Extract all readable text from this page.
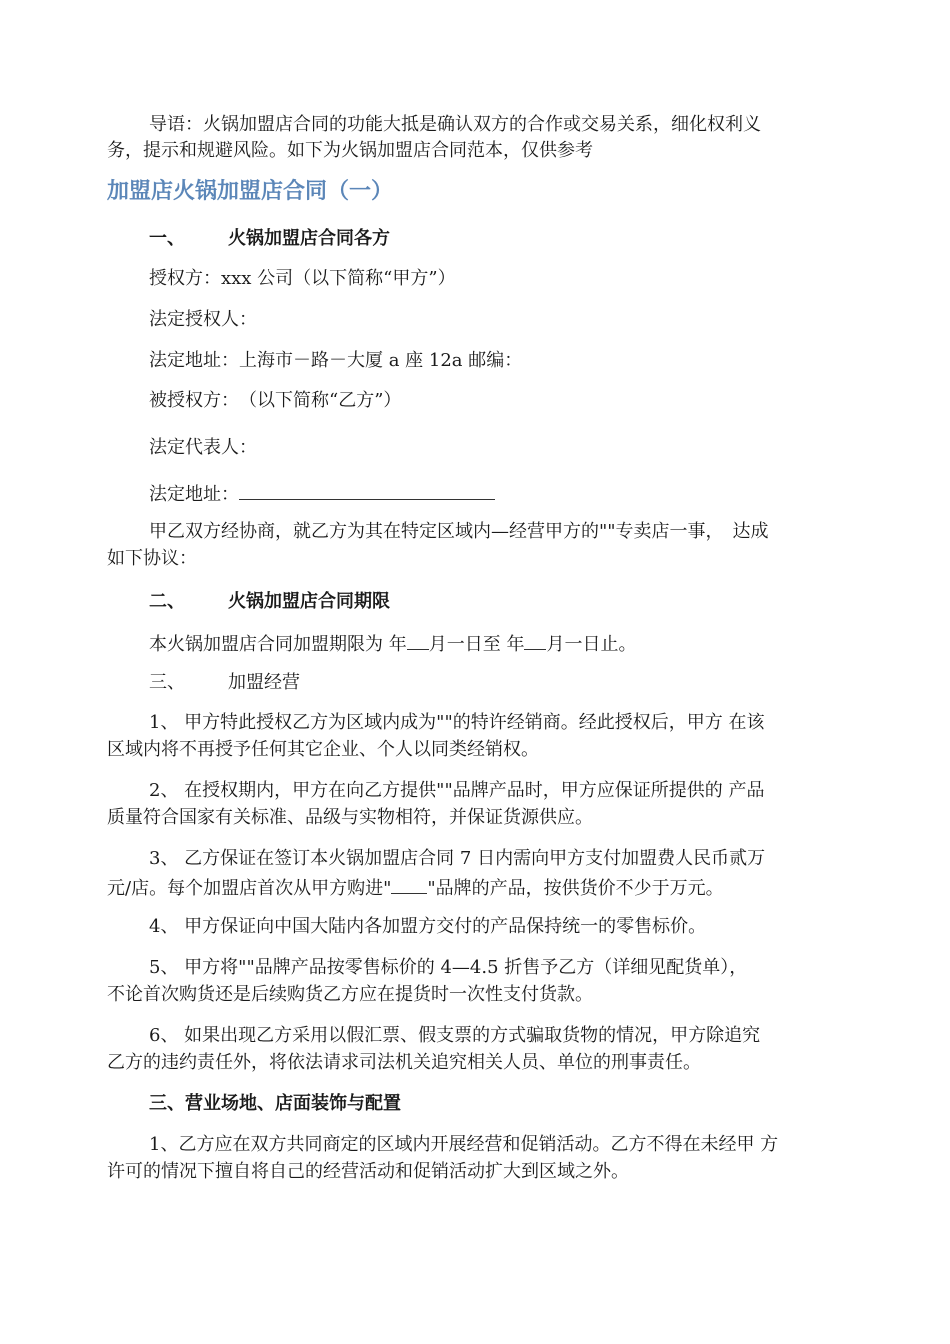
导语：火锅加盟店合同的功能大抵是确认双方的合作或交易关系，细化权利义
务，提示和规避风险。如下为火锅加盟店合同范本，仅供参考
加盟店火锅加盟店合同（一）
一、 火锅加盟店合同各方
授权方：xxx 公司（以下简称“甲方”）
法定授权人：
法定地址：上海市－路－大厦 a 座 12a 邮编：
被授权方：　（以下简称“乙方”）
法定代表人：
法定地址：
甲乙双方经协商，就乙方为其在特定区域内—经营甲方的""专卖店一事，　达成
如下协议：
二、 火锅加盟店合同期限
本火锅加盟店合同加盟期限为 年 月一日至 年 月一日止。
三、 加盟经营
1、 甲方特此授权乙方为区域内成为""的特许经销商。经此授权后，甲方 在该
区域内将不再授予任何其它企业、个人以同类经销权。
2、 在授权期内，甲方在向乙方提供""品牌产品时，甲方应保证所提供的 产品
质量符合国家有关标准、品级与实物相符，并保证货源供应。
3、 乙方保证在签订本火锅加盟店合同 7 日内需向甲方支付加盟费人民币贰万
元/店。每个加盟店首次从甲方购进" "品牌的产品，按供货价不少于万元。
4、 甲方保证向中国大陆内各加盟方交付的产品保持统一的零售标价。
5、 甲方将""品牌产品按零售标价的 4—4.5 折售予乙方（详细见配货单），
不论首次购货还是后续购货乙方应在提货时一次性支付货款。
6、 如果出现乙方采用以假汇票、假支票的方式骗取货物的情况，甲方除追究
乙方的违约责任外，将依法请求司法机关追究相关人员、单位的刑事责任。
三、营业场地、店面装饰与配置
1、乙方应在双方共同商定的区域内开展经营和促销活动。乙方不得在未经甲 方
许可的情况下擅自将自己的经营活动和促销活动扩大到区域之外。
